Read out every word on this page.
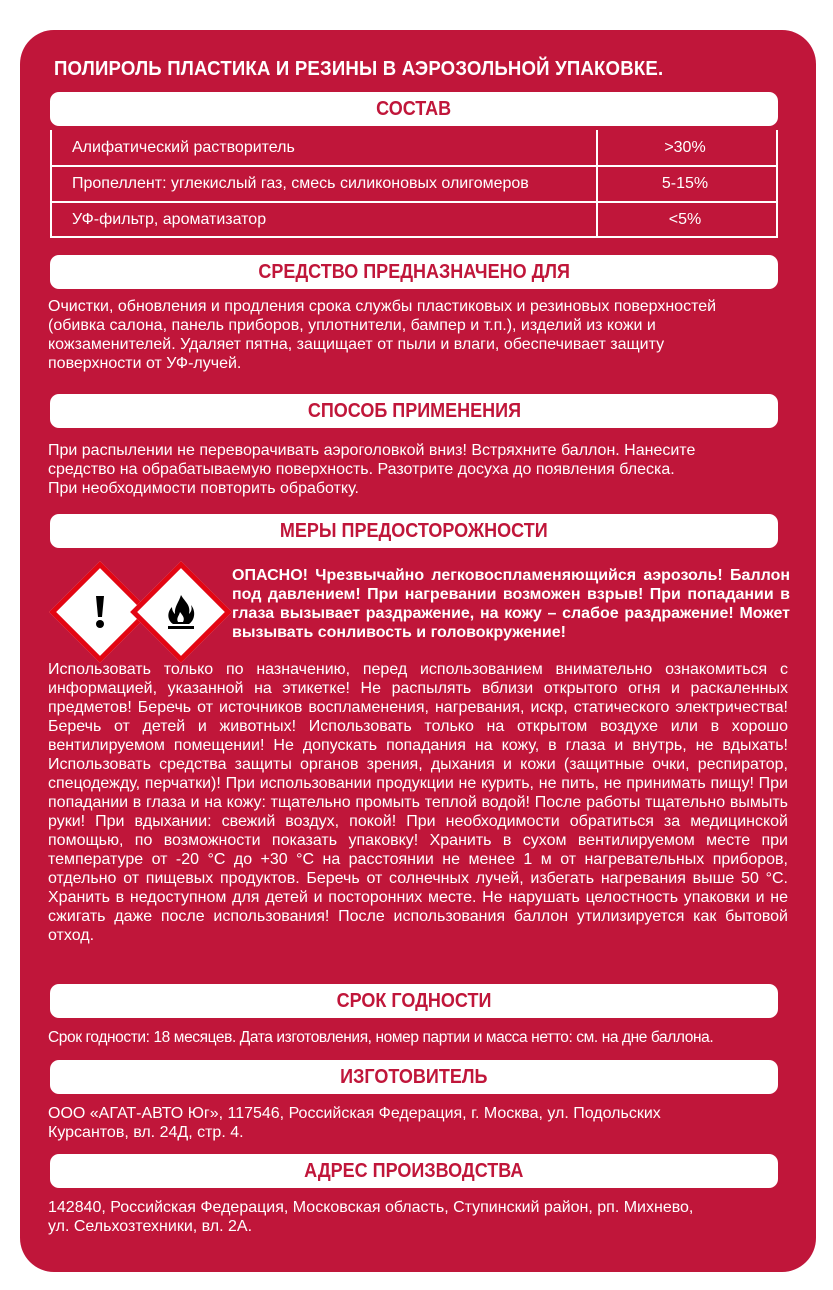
ПОЛИРОЛЬ ПЛАСТИКА И РЕЗИНЫ В АЭРОЗОЛЬНОЙ УПАКОВКЕ.
СОСТАВ
Алифатический растворитель	>30%
Пропеллент: углекислый газ, смесь силиконовых олигомеров	5-15%
УФ-фильтр, ароматизатор	<5%
СРЕДСТВО ПРЕДНАЗНАЧЕНО ДЛЯ
Очистки, обновления и продления срока службы пластиковых и резиновых поверхностей
(обивка салона, панель приборов, уплотнители, бампер и т.п.), изделий из кожи и
кожзаменителей. Удаляет пятна, защищает от пыли и влаги, обеспечивает защиту
поверхности от УФ-лучей.
СПОСОБ ПРИМЕНЕНИЯ
При распылении не переворачивать аэроголовкой вниз! Встряхните баллон. Нанесите
средство на обрабатываемую поверхность. Разотрите досуха до появления блеска.
При необходимости повторить обработку.
МЕРЫ ПРЕДОСТОРОЖНОСТИ
ОПАСНО! Чрезвычайно легковоспламеняющийся аэрозоль! Баллон под давлением! При нагревании возможен взрыв! При попадании в глаза вызывает раздражение, на кожу – слабое раздражение! Может вызывать сонливость и головокружение!
Использовать только по назначению, перед использованием внимательно ознакомиться с информацией, указанной на этикетке! Не распылять вблизи открытого огня и раскаленных предметов! Беречь от источников воспламенения, нагревания, искр, статического электричества! Беречь от детей и животных! Использовать только на открытом воздухе или в хорошо вентилируемом помещении! Не допускать попадания на кожу, в глаза и внутрь, не вдыхать! Использовать средства защиты органов зрения, дыхания и кожи (защитные очки, респиратор, спецодежду, перчатки)! При использовании продукции не курить, не пить, не принимать пищу! При попадании в глаза и на кожу: тщательно промыть теплой водой! После работы тщательно вымыть руки! При вдыхании: свежий воздух, покой! При необходимости обратиться за медицинской помощью, по возможности показать упаковку! Хранить в сухом вентилируемом месте при температуре от -20 °С до +30 °С на расстоянии не менее 1 м от нагревательных приборов, отдельно от пищевых продуктов. Беречь от солнечных лучей, избегать нагревания выше 50 °С. Хранить в недоступном для детей и посторонних месте. Не нарушать целостность упаковки и не сжигать даже после использования! После использования баллон утилизируется как бытовой отход.
СРОК ГОДНОСТИ
Срок годности: 18 месяцев. Дата изготовления, номер партии и масса нетто: см. на дне баллона.
ИЗГОТОВИТЕЛЬ
ООО «АГАТ-АВТО Юг», 117546, Российская Федерация, г. Москва, ул. Подольских
Курсантов, вл. 24Д, стр. 4.
АДРЕС ПРОИЗВОДСТВА
142840, Российская Федерация, Московская область, Ступинский район, рп. Михнево,
ул. Сельхозтехники, вл. 2А.
